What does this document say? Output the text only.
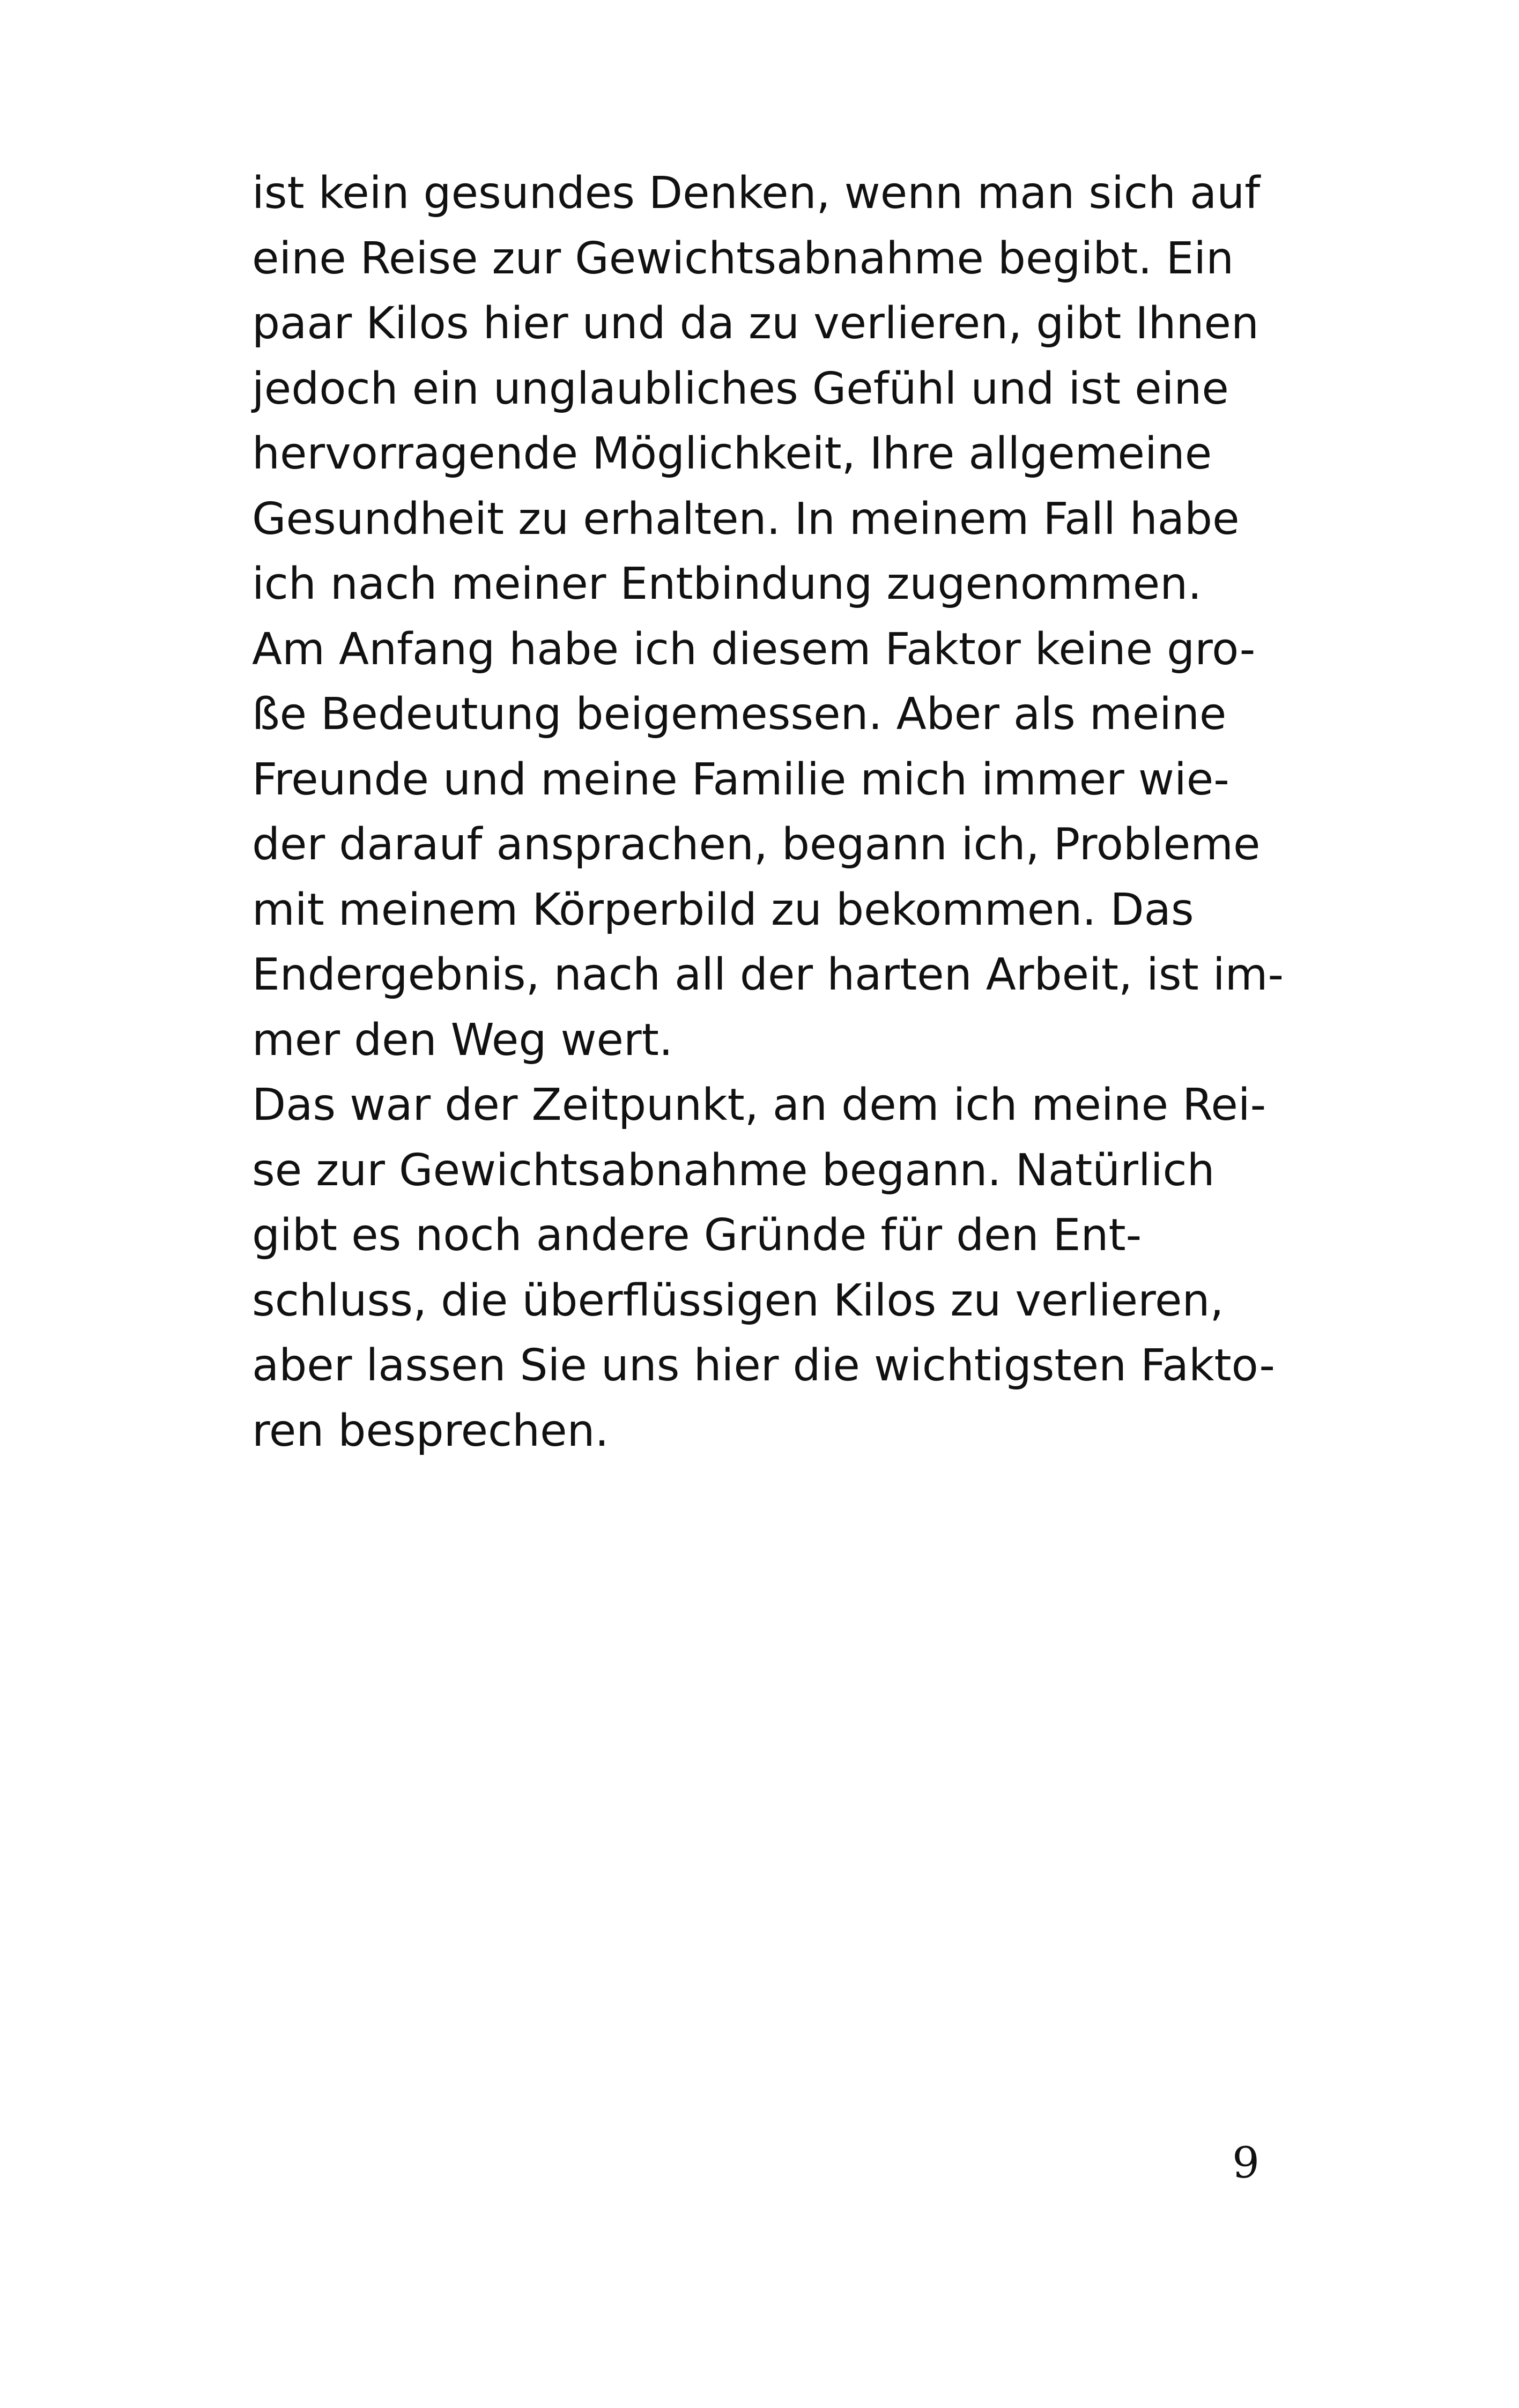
ist kein gesundes Denken, wenn man sich auf
eine Reise zur Gewichtsabnahme begibt. Ein
paar Kilos hier und da zu verlieren, gibt Ihnen
jedoch ein unglaubliches Gefühl und ist eine
hervorragende Möglichkeit, Ihre allgemeine
Gesundheit zu erhalten. In meinem Fall habe
ich nach meiner Entbindung zugenommen.
Am Anfang habe ich diesem Faktor keine gro-
ße Bedeutung beigemessen. Aber als meine
Freunde und meine Familie mich immer wie-
der darauf ansprachen, begann ich, Probleme
mit meinem Körperbild zu bekommen. Das
Endergebnis, nach all der harten Arbeit, ist im-
mer den Weg wert.
Das war der Zeitpunkt, an dem ich meine Rei-
se zur Gewichtsabnahme begann. Natürlich
gibt es noch andere Gründe für den Ent-
schluss, die überflüssigen Kilos zu verlieren,
aber lassen Sie uns hier die wichtigsten Fakto-
ren besprechen.
9
